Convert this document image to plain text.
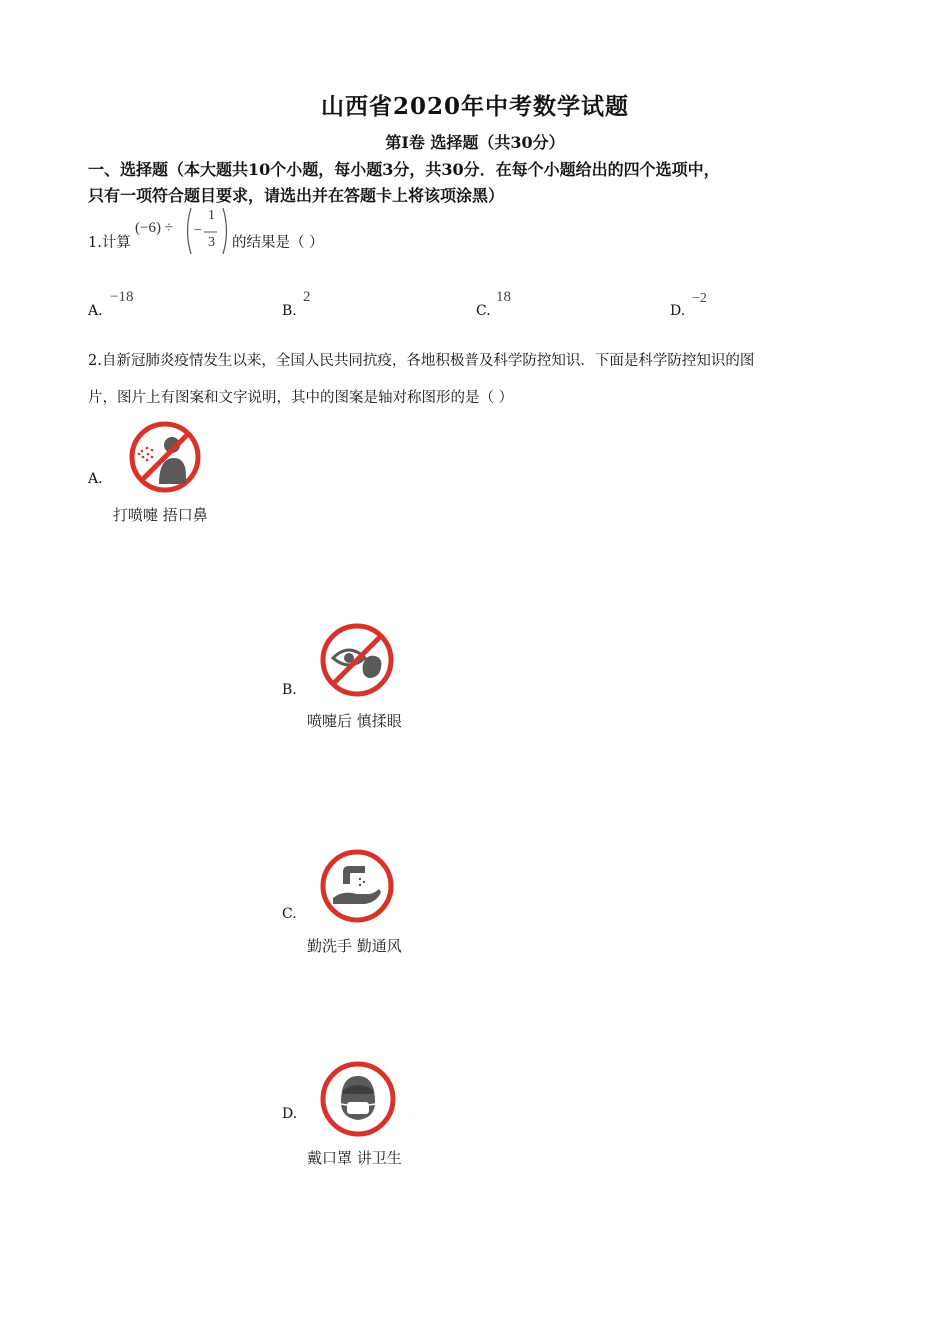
山西省2020年中考数学试题
第Ⅰ卷 选择题（共30分）
一、选择题（本大题共10个小题，每小题3分，共30分．在每个小题给出的四个选项中，
只有一项符合题目要求，请选出并在答题卡上将该项涂黑）
1.计算
(−6) ÷ −
1
3 的结果是（ ）
A.
−18
B.
2
C.
18
D.
−2
2.自新冠肺炎疫情发生以来，全国人民共同抗疫，各地积极普及科学防控知识．下面是科学防控知识的图
片，图片上有图案和文字说明，其中的图案是轴对称图形的是（ ）
A.
打喷嚏 捂口鼻
B.
喷嚏后 慎揉眼
C.
勤洗手 勤通风
D.
戴口罩 讲卫生
